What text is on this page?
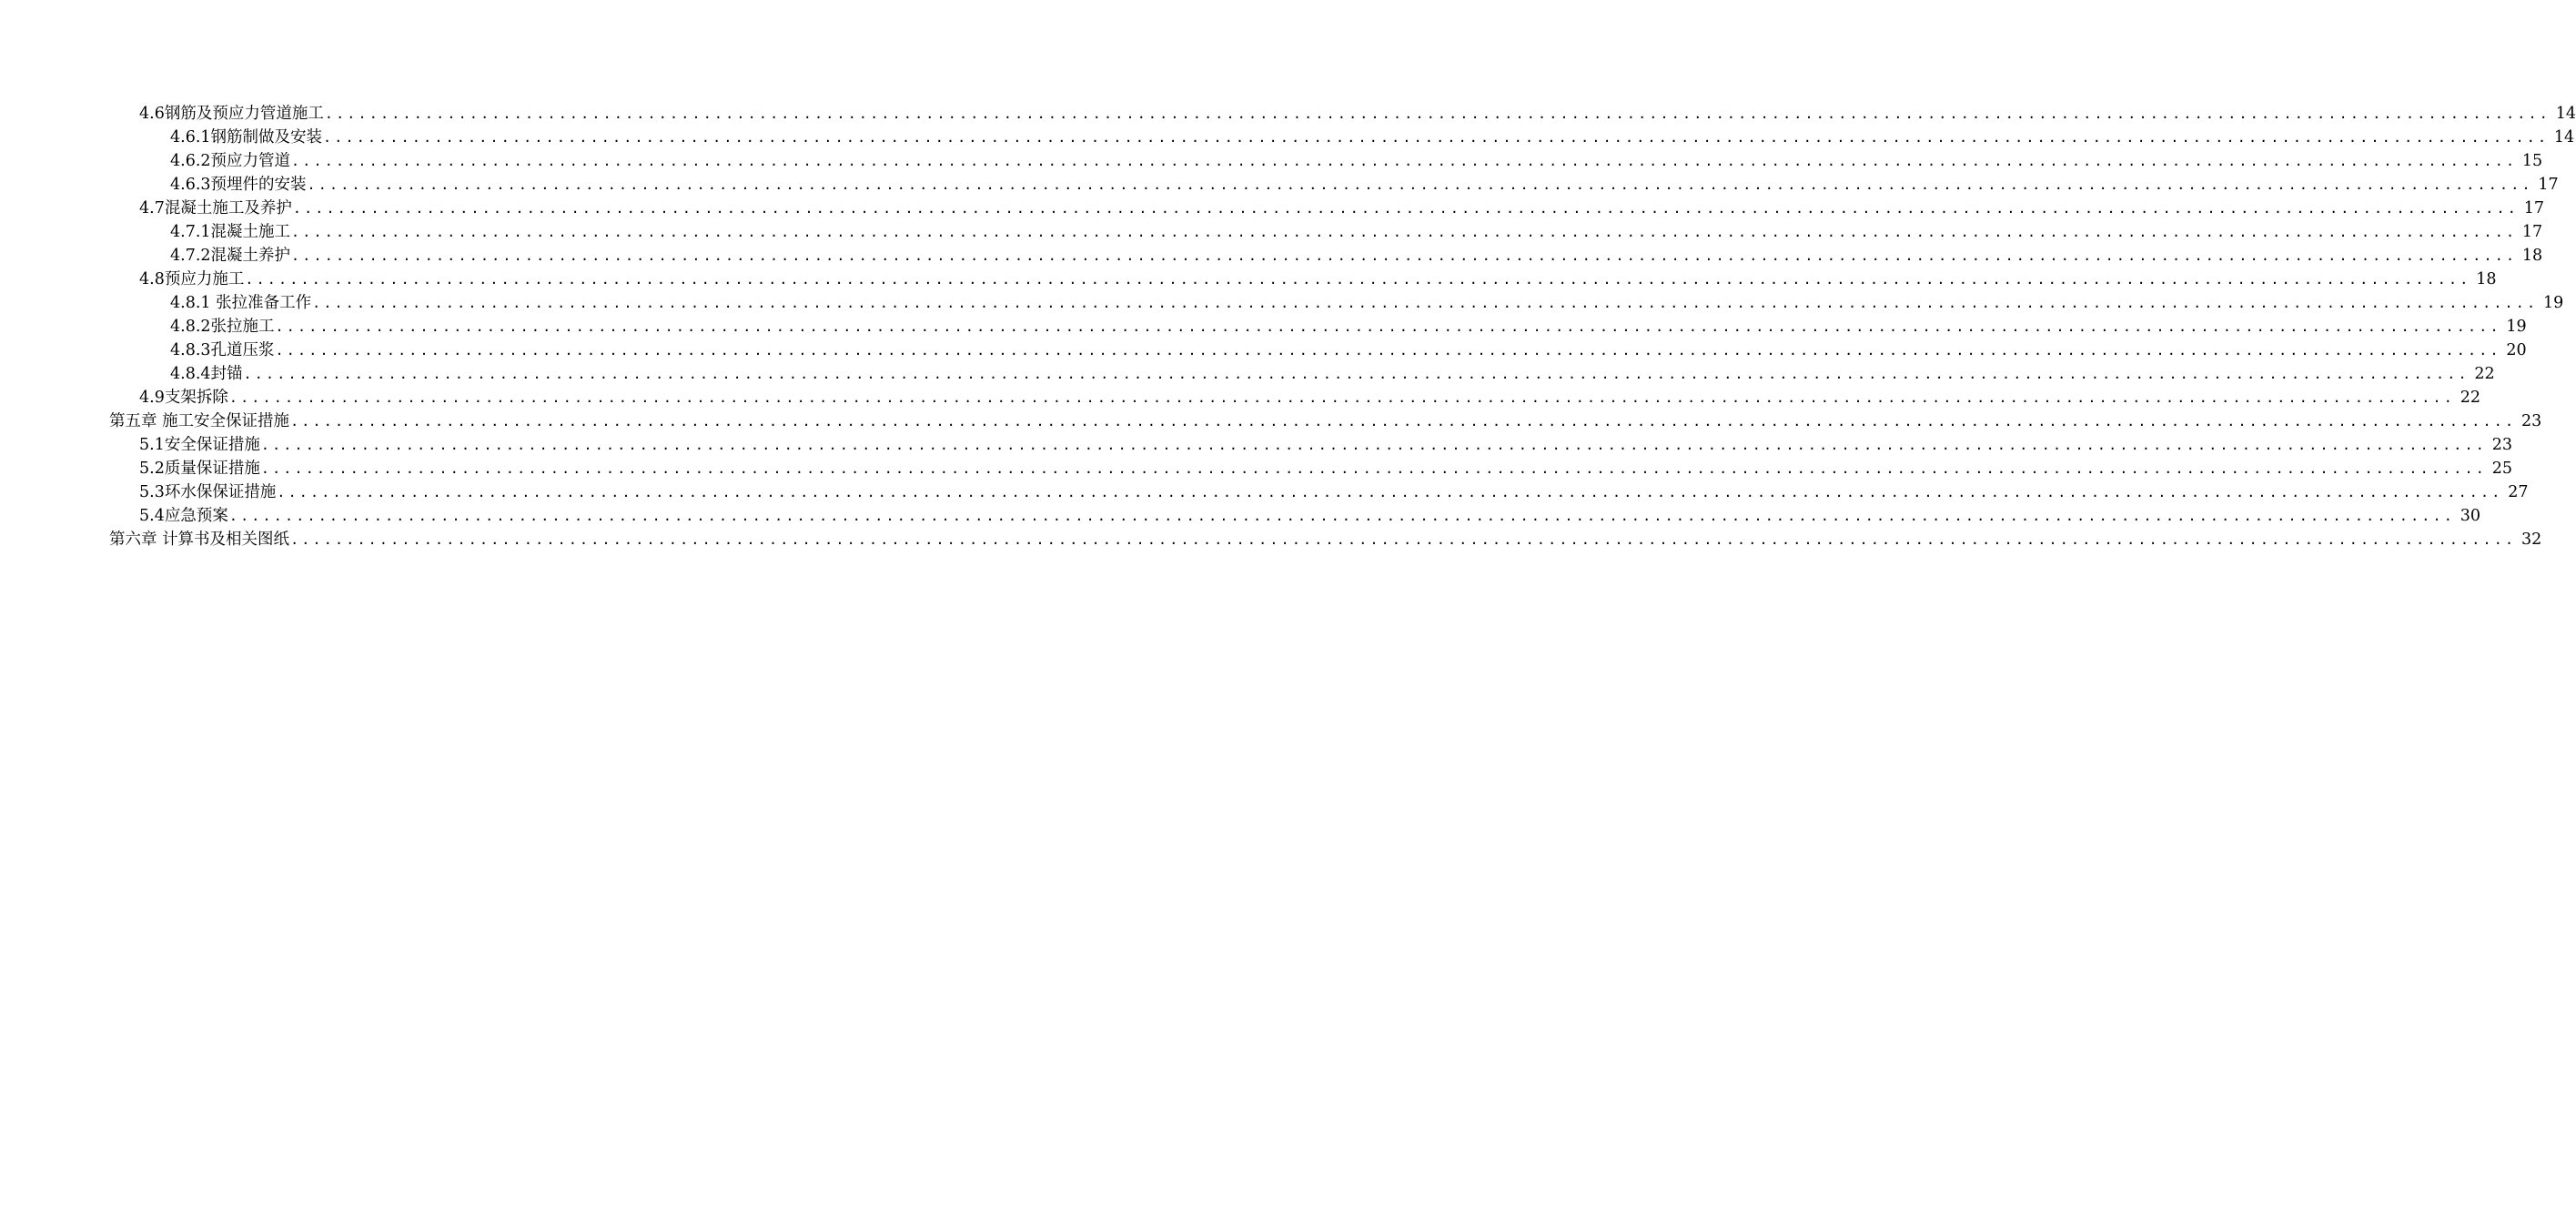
4.6钢筋及预应力管道施工 ........................................................................................................................................................................................................ 14
4.6.1钢筋制做及安装 ........................................................................................................................................................................................................ 14
4.6.2预应力管道 ........................................................................................................................................................................................................ 15
4.6.3预埋件的安装 ........................................................................................................................................................................................................ 17
4.7混凝土施工及养护 ........................................................................................................................................................................................................ 17
4.7.1混凝土施工 ........................................................................................................................................................................................................ 17
4.7.2混凝土养护 ........................................................................................................................................................................................................ 18
4.8预应力施工 ........................................................................................................................................................................................................ 18
4.8.1 张拉准备工作 ........................................................................................................................................................................................................ 19
4.8.2张拉施工 ........................................................................................................................................................................................................ 19
4.8.3孔道压浆 ........................................................................................................................................................................................................ 20
4.8.4封锚 ........................................................................................................................................................................................................ 22
4.9支架拆除 ........................................................................................................................................................................................................ 22
第五章 施工安全保证措施 ........................................................................................................................................................................................................ 23
5.1安全保证措施 ........................................................................................................................................................................................................ 23
5.2质量保证措施 ........................................................................................................................................................................................................ 25
5.3环水保保证措施 ........................................................................................................................................................................................................ 27
5.4应急预案 ........................................................................................................................................................................................................ 30
第六章 计算书及相关图纸 ........................................................................................................................................................................................................ 32
